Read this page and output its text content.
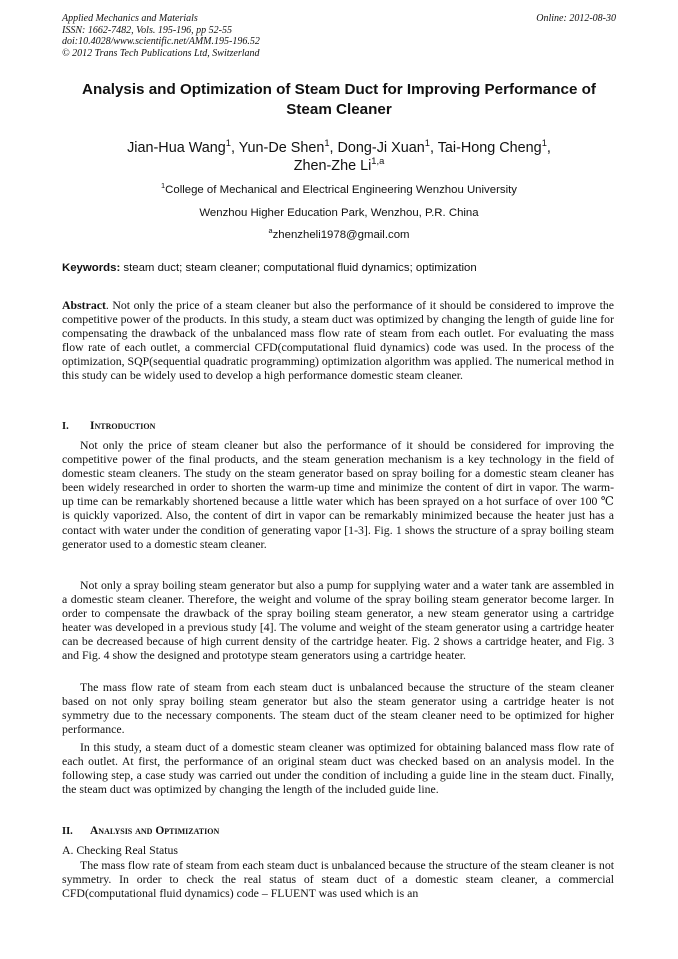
Applied Mechanics and Materials
ISSN: 1662-7482, Vols. 195-196, pp 52-55
doi:10.4028/www.scientific.net/AMM.195-196.52
© 2012 Trans Tech Publications Ltd, Switzerland
Online: 2012-08-30
Analysis and Optimization of Steam Duct for Improving Performance of Steam Cleaner
Jian-Hua Wang$^1$, Yun-De Shen$^1$, Dong-Ji Xuan$^1$, Tai-Hong Cheng$^1$,
Zhen-Zhe Li$^{1,a}$
$^1$College of Mechanical and Electrical Engineering Wenzhou University
Wenzhou Higher Education Park, Wenzhou, P.R. China
$^a$zhenzheli1978@gmail.com
Keywords: steam duct; steam cleaner; computational fluid dynamics; optimization
Abstract. Not only the price of a steam cleaner but also the performance of it should be considered to improve the competitive power of the products. In this study, a steam duct was optimized by changing the length of guide line for compensating the drawback of the unbalanced mass flow rate of steam from each outlet. For evaluating the mass flow rate of each outlet, a commercial CFD(computational fluid dynamics) code was used. In the process of the optimization, SQP(sequential quadratic programming) optimization algorithm was applied. The numerical method in this study can be widely used to develop a high performance domestic steam cleaner.
I. Introduction
Not only the price of steam cleaner but also the performance of it should be considered for improving the competitive power of the final products, and the steam generation mechanism is a key technology in the field of domestic steam cleaners. The study on the steam generator based on spray boiling for a domestic steam cleaner has been widely researched in order to shorten the warm-up time and minimize the content of dirt in vapor. The warm-up time can be remarkably shortened because a little water which has been sprayed on a hot surface of over 100 ℃ is quickly vaporized. Also, the content of dirt in vapor can be remarkably minimized because the heater just has a contact with water under the condition of generating vapor [1-3]. Fig. 1 shows the structure of a spray boiling steam generator used to a domestic steam cleaner.
Not only a spray boiling steam generator but also a pump for supplying water and a water tank are assembled in a domestic steam cleaner. Therefore, the weight and volume of the spray boiling steam generator become larger. In order to compensate the drawback of the spray boiling steam generator, a new steam generator using a cartridge heater was developed in a previous study [4]. The volume and weight of the steam generator using a cartridge heater can be decreased because of high current density of the cartridge heater. Fig. 2 shows a cartridge heater, and Fig. 3 and Fig. 4 show the designed and prototype steam generators using a cartridge heater.
The mass flow rate of steam from each steam duct is unbalanced because the structure of the steam cleaner based on not only spray boiling steam generator but also the steam generator using a cartridge heater is not symmetry due to the necessary components. The steam duct of the steam cleaner need to be optimized for higher performance.
In this study, a steam duct of a domestic steam cleaner was optimized for obtaining balanced mass flow rate of each outlet. At first, the performance of an original steam duct was checked based on an analysis model. In the following step, a case study was carried out under the condition of including a guide line in the steam duct. Finally, the steam duct was optimized by changing the length of the included guide line.
II. Analysis and Optimization
A. Checking Real Status
The mass flow rate of steam from each steam duct is unbalanced because the structure of the steam cleaner is not symmetry. In order to check the real status of steam duct of a domestic steam cleaner, a commercial CFD(computational fluid dynamics) code – FLUENT was used which is an
